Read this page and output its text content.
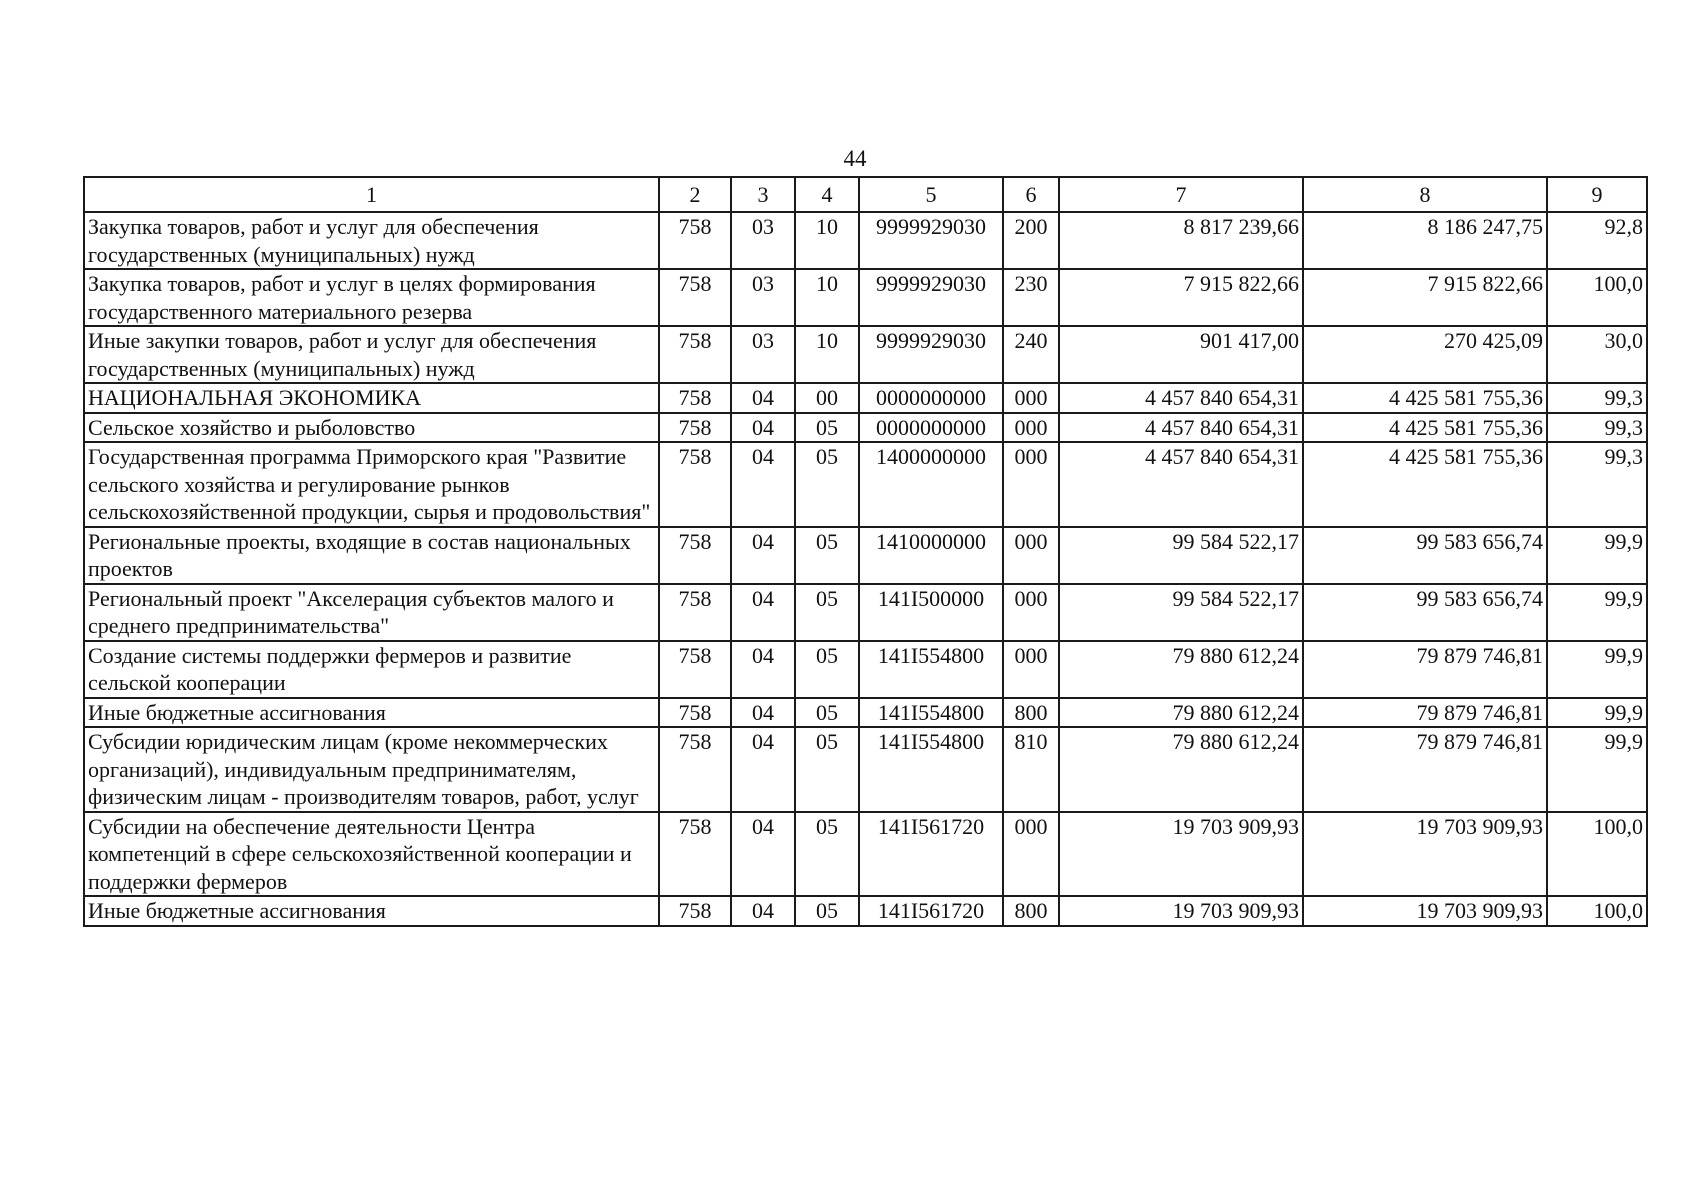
44
1	2	3	4	5	6	7	8	9
Закупка товаров, работ и услуг для обеспечения государственных (муниципальных) нужд	758	03	10	9999929030	200	8 817 239,66	8 186 247,75	92,8
Закупка товаров, работ и услуг в целях формирования государственного материального резерва	758	03	10	9999929030	230	7 915 822,66	7 915 822,66	100,0
Иные закупки товаров, работ и услуг для обеспечения государственных (муниципальных) нужд	758	03	10	9999929030	240	901 417,00	270 425,09	30,0
НАЦИОНАЛЬНАЯ ЭКОНОМИКА	758	04	00	0000000000	000	4 457 840 654,31	4 425 581 755,36	99,3
Сельское хозяйство и рыболовство	758	04	05	0000000000	000	4 457 840 654,31	4 425 581 755,36	99,3
Государственная программа Приморского края "Развитие сельского хозяйства и регулирование рынков сельскохозяйственной продукции, сырья и продовольствия"	758	04	05	1400000000	000	4 457 840 654,31	4 425 581 755,36	99,3
Региональные проекты, входящие в состав национальных проектов	758	04	05	1410000000	000	99 584 522,17	99 583 656,74	99,9
Региональный проект "Акселерация субъектов малого и среднего предпринимательства"	758	04	05	141I500000	000	99 584 522,17	99 583 656,74	99,9
Создание системы поддержки фермеров и развитие сельской кооперации	758	04	05	141I554800	000	79 880 612,24	79 879 746,81	99,9
Иные бюджетные ассигнования	758	04	05	141I554800	800	79 880 612,24	79 879 746,81	99,9
Субсидии юридическим лицам (кроме некоммерческих организаций), индивидуальным предпринимателям, физическим лицам - производителям товаров, работ, услуг	758	04	05	141I554800	810	79 880 612,24	79 879 746,81	99,9
Субсидии на обеспечение деятельности Центра компетенций в сфере сельскохозяйственной кооперации и поддержки фермеров	758	04	05	141I561720	000	19 703 909,93	19 703 909,93	100,0
Иные бюджетные ассигнования	758	04	05	141I561720	800	19 703 909,93	19 703 909,93	100,0
